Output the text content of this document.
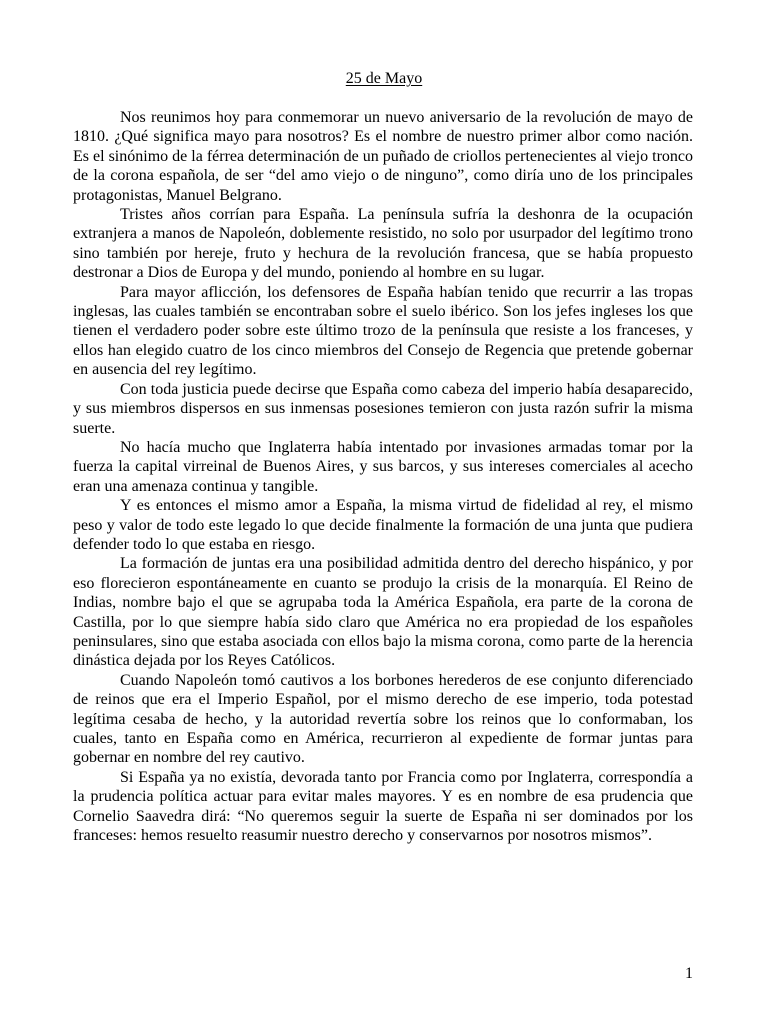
25 de Mayo

Nos reunimos hoy para conmemorar un nuevo aniversario de la revolución de mayo de 1810. ¿Qué significa mayo para nosotros? Es el nombre de nuestro primer albor como nación. Es el sinónimo de la férrea determinación de un puñado de criollos pertenecientes al viejo tronco de la corona española, de ser “del amo viejo o de ninguno”, como diría uno de los principales protagonistas, Manuel Belgrano.

Tristes años corrían para España. La península sufría la deshonra de la ocupación extranjera a manos de Napoleón, doblemente resistido, no solo por usurpador del legítimo trono sino también por hereje, fruto y hechura de la revolución francesa, que se había propuesto destronar a Dios de Europa y del mundo, poniendo al hombre en su lugar.

Para mayor aflicción, los defensores de España habían tenido que recurrir a las tropas inglesas, las cuales también se encontraban sobre el suelo ibérico. Son los jefes ingleses los que tienen el verdadero poder sobre este último trozo de la península que resiste a los franceses, y ellos han elegido cuatro de los cinco miembros del Consejo de Regencia que pretende gobernar en ausencia del rey legítimo.

Con toda justicia puede decirse que España como cabeza del imperio había desaparecido, y sus miembros dispersos en sus inmensas posesiones temieron con justa razón sufrir la misma suerte.

No hacía mucho que Inglaterra había intentado por invasiones armadas tomar por la fuerza la capital virreinal de Buenos Aires, y sus barcos, y sus intereses comerciales al acecho eran una amenaza continua y tangible.

Y es entonces el mismo amor a España, la misma virtud de fidelidad al rey, el mismo peso y valor de todo este legado lo que decide finalmente la formación de una junta que pudiera defender todo lo que estaba en riesgo.

La formación de juntas era una posibilidad admitida dentro del derecho hispánico, y por eso florecieron espontáneamente en cuanto se produjo la crisis de la monarquía. El Reino de Indias, nombre bajo el que se agrupaba toda la América Española, era parte de la corona de Castilla, por lo que siempre había sido claro que América no era propiedad de los españoles peninsulares, sino que estaba asociada con ellos bajo la misma corona, como parte de la herencia dinástica dejada por los Reyes Católicos.

Cuando Napoleón tomó cautivos a los borbones herederos de ese conjunto diferenciado de reinos que era el Imperio Español, por el mismo derecho de ese imperio, toda potestad legítima cesaba de hecho, y la autoridad revertía sobre los reinos que lo conformaban, los cuales, tanto en España como en América, recurrieron al expediente de formar juntas para gobernar en nombre del rey cautivo.

Si España ya no existía, devorada tanto por Francia como por Inglaterra, correspondía a la prudencia política actuar para evitar males mayores. Y es en nombre de esa prudencia que Cornelio Saavedra dirá: “No queremos seguir la suerte de España ni ser dominados por los franceses: hemos resuelto reasumir nuestro derecho y conservarnos por nosotros mismos”.

1
